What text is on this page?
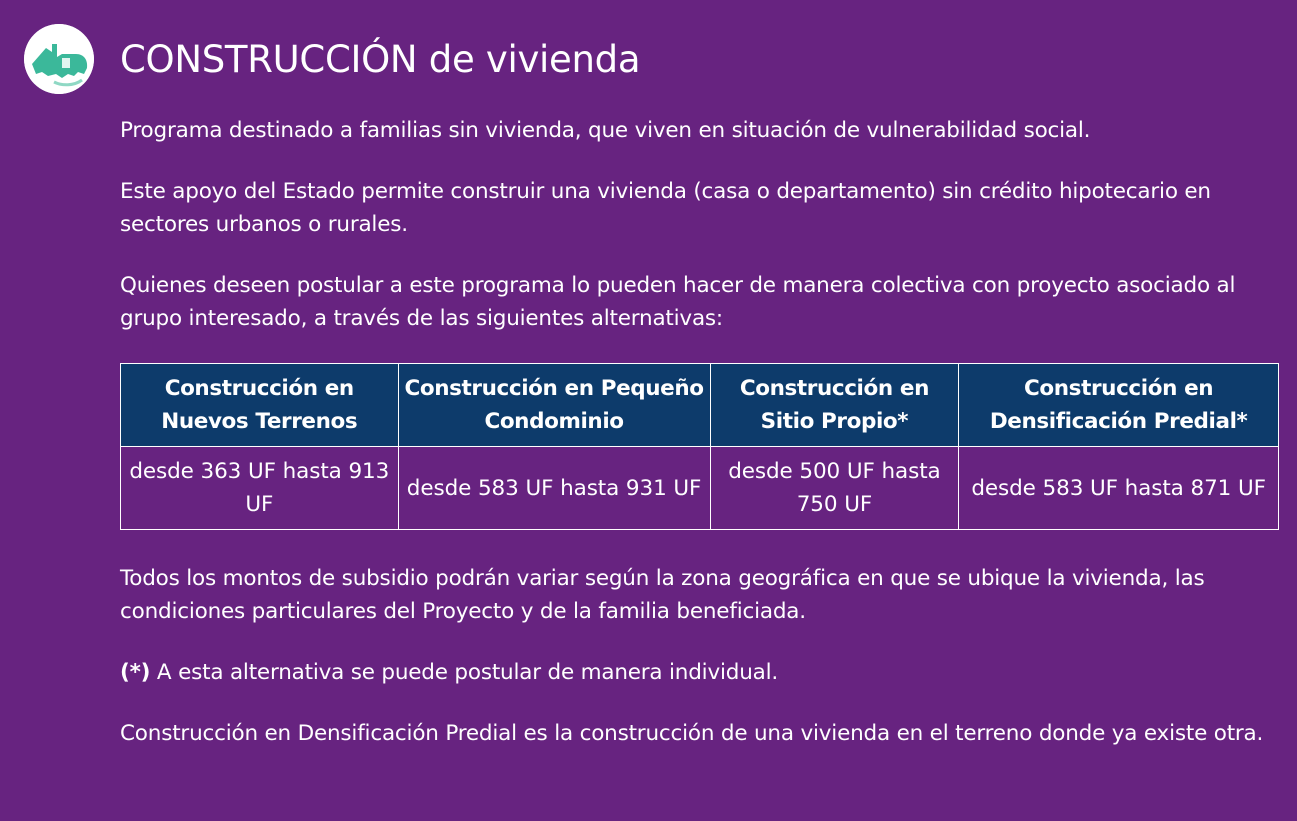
CONSTRUCCIÓN de vivienda

Programa destinado a familias sin vivienda, que viven en situación de vulnerabilidad social.

Este apoyo del Estado permite construir una vivienda (casa o departamento) sin crédito hipotecario en sectores urbanos o rurales.

Quienes deseen postular a este programa lo pueden hacer de manera colectiva con proyecto asociado al grupo interesado, a través de las siguientes alternativas:

Construcción en Nuevos Terrenos	Construcción en Pequeño Condominio	Construcción en Sitio Propio*	Construcción en Densificación Predial*
desde 363 UF hasta 913 UF	desde 583 UF hasta 931 UF	desde 500 UF hasta 750 UF	desde 583 UF hasta 871 UF

Todos los montos de subsidio podrán variar según la zona geográfica en que se ubique la vivienda, las condiciones particulares del Proyecto y de la familia beneficiada.

(*) A esta alternativa se puede postular de manera individual.

Construcción en Densificación Predial es la construcción de una vivienda en el terreno donde ya existe otra.
